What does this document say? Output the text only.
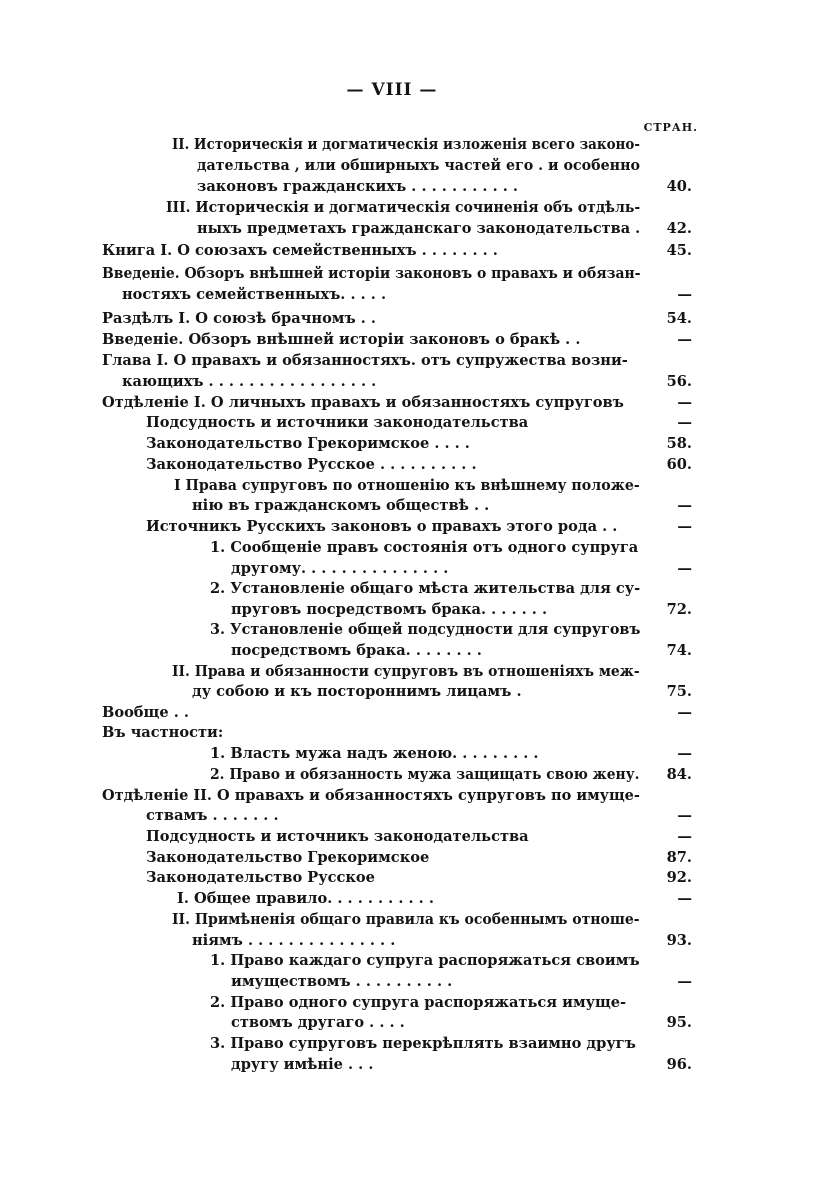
— VIII —
СТРАН.
II. Историческія и догматическія изложенія всего законо-
дательства , или обширныхъ частей его . и особенно
законовъ гражданскихъ . . . . . . . . . . .	40.
III. Историческія и догматическія сочиненія объ отдѣль-
ныхъ предметахъ гражданскаго законодательства .	42.
Книга I. О союзахъ семейственныхъ . . . . . . . .	45.
Введеніе. Обзоръ внѣшней исторіи законовъ о правахъ и обязан-
ностяхъ семейственныхъ. . . . .	—
Раздѣлъ I. О союзѣ брачномъ . .	54.
Введеніе. Обзоръ внѣшней исторіи законовъ о бракѣ . .	—
Глава I. О правахъ и обязанностяхъ. отъ супружества возни-
кающихъ . . . . . . . . . . . . . . . . .	56.
Отдѣленіе I. О личныхъ правахъ и обязанностяхъ супруговъ	—
Подсудность и источники законодательства	—
Законодательство Грекоримское . . . .	58.
Законодательство Русское . . . . . . . . . .	60.
I Права супруговъ по отношенію къ внѣшнему положе-
нію въ гражданскомъ обществѣ . .	—
Источникъ Русскихъ законовъ о правахъ этого рода . .	—
1. Сообщеніе правъ состоянія отъ одного супруга
другому. . . . . . . . . . . . . . .	—
2. Установленіе общаго мѣста жительства для су-
пруговъ посредствомъ брака. . . . . . .	72.
3. Установленіе общей подсудности для супруговъ
посредствомъ брака. . . . . . . .	74.
II. Права и обязанности супруговъ въ отношеніяхъ меж-
ду собою и къ постороннимъ лицамъ .	75.
Вообще . .	—
Въ частности:
1. Власть мужа надъ женою. . . . . . . . .	—
2. Право и обязанность мужа защищать свою жену.	84.
Отдѣленіе II. О правахъ и обязанностяхъ супруговъ по имуще-
ствамъ . . . . . . .	—
Подсудность и источникъ законодательства	—
Законодательство Грекоримское	87.
Законодательство Русское	92.
I. Общее правило. . . . . . . . . . .	—
II. Примѣненія общаго правила къ особеннымъ отноше-
ніямъ . . . . . . . . . . . . . . .	93.
1. Право каждаго супруга распоряжаться своимъ
имуществомъ . . . . . . . . . .	—
2. Право одного супруга распоряжаться имуще-
ствомъ другаго . . . .	95.
3. Право супруговъ перекрѣплять взаимно другъ
другу имѣніе . . .	96.
